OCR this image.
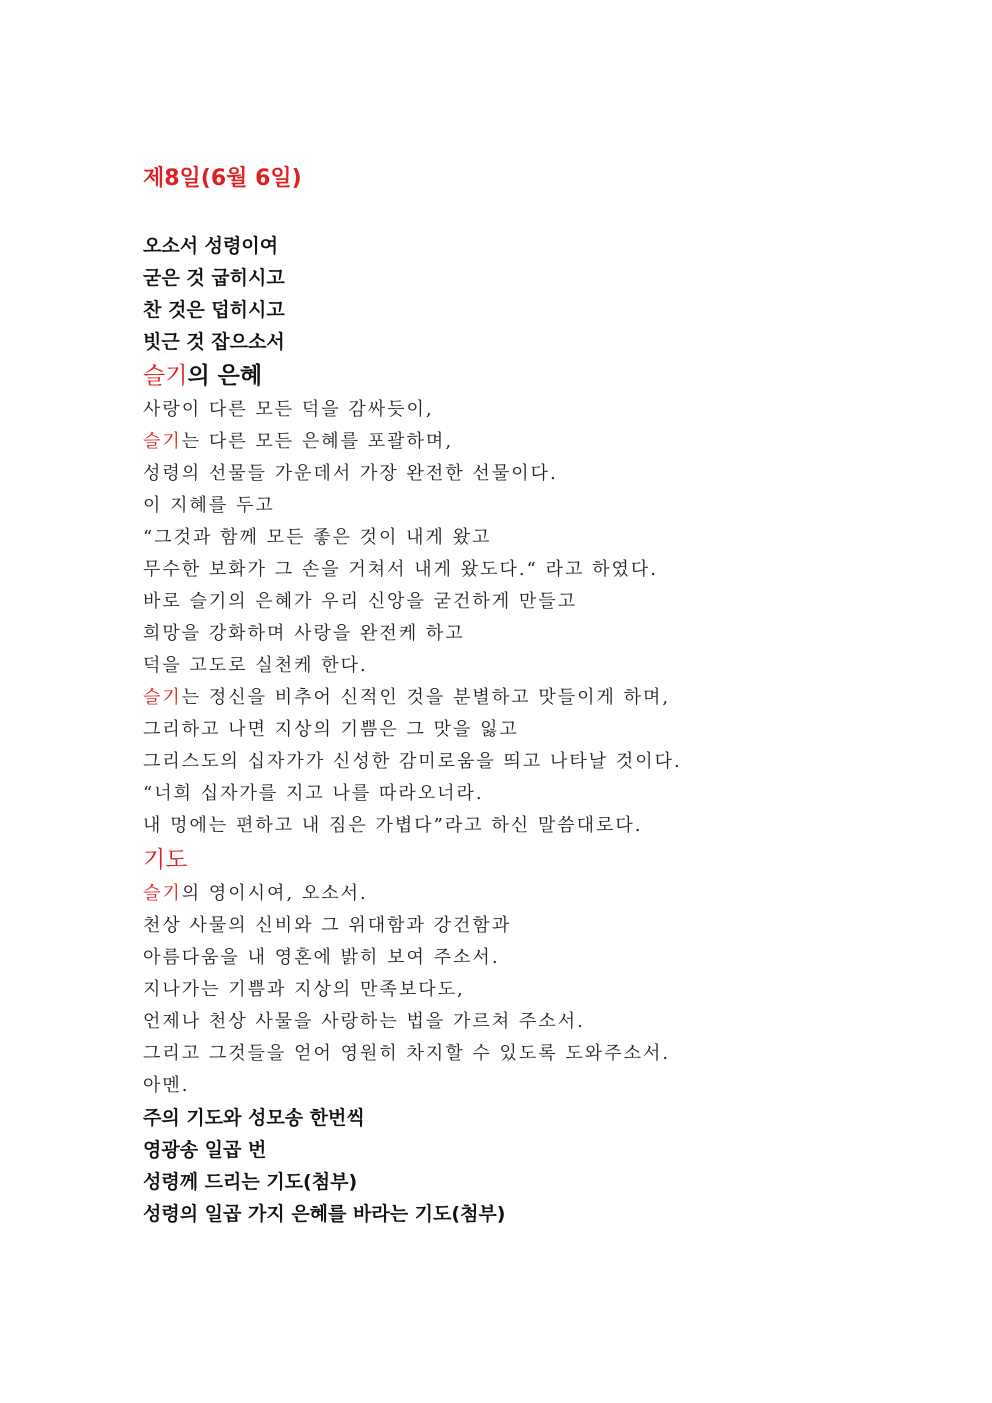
제8일(6월 6일)
오소서 성령이여
굳은 것 굽히시고
찬 것은 덥히시고
빗근 것 잡으소서
슬기의 은혜
사랑이 다른 모든 덕을 감싸듯이,
슬기는 다른 모든 은혜를 포괄하며,
성령의 선물들 가운데서 가장 완전한 선물이다.
이 지혜를 두고
“그것과 함께 모든 좋은 것이 내게 왔고
무수한 보화가 그 손을 거쳐서 내게 왔도다.“ 라고 하였다.
바로 슬기의 은혜가 우리 신앙을 굳건하게 만들고
희망을 강화하며 사랑을 완전케 하고
덕을 고도로 실천케 한다.
슬기는 정신을 비추어 신적인 것을 분별하고 맛들이게 하며,
그리하고 나면 지상의 기쁨은 그 맛을 잃고
그리스도의 십자가가 신성한 감미로움을 띄고 나타날 것이다.
“너희 십자가를 지고 나를 따라오너라.
내 멍에는 편하고 내 짐은 가볍다”라고 하신 말씀대로다.
기도
슬기의 영이시여, 오소서.
천상 사물의 신비와 그 위대함과 강건함과
아름다움을 내 영혼에 밝히 보여 주소서.
지나가는 기쁨과 지상의 만족보다도,
언제나 천상 사물을 사랑하는 법을 가르쳐 주소서.
그리고 그것들을 얻어 영원히 차지할 수 있도록 도와주소서.
아멘.
주의 기도와 성모송 한번씩
영광송 일곱 번
성령께 드리는 기도(첨부)
성령의 일곱 가지 은혜를 바라는 기도(첨부)
